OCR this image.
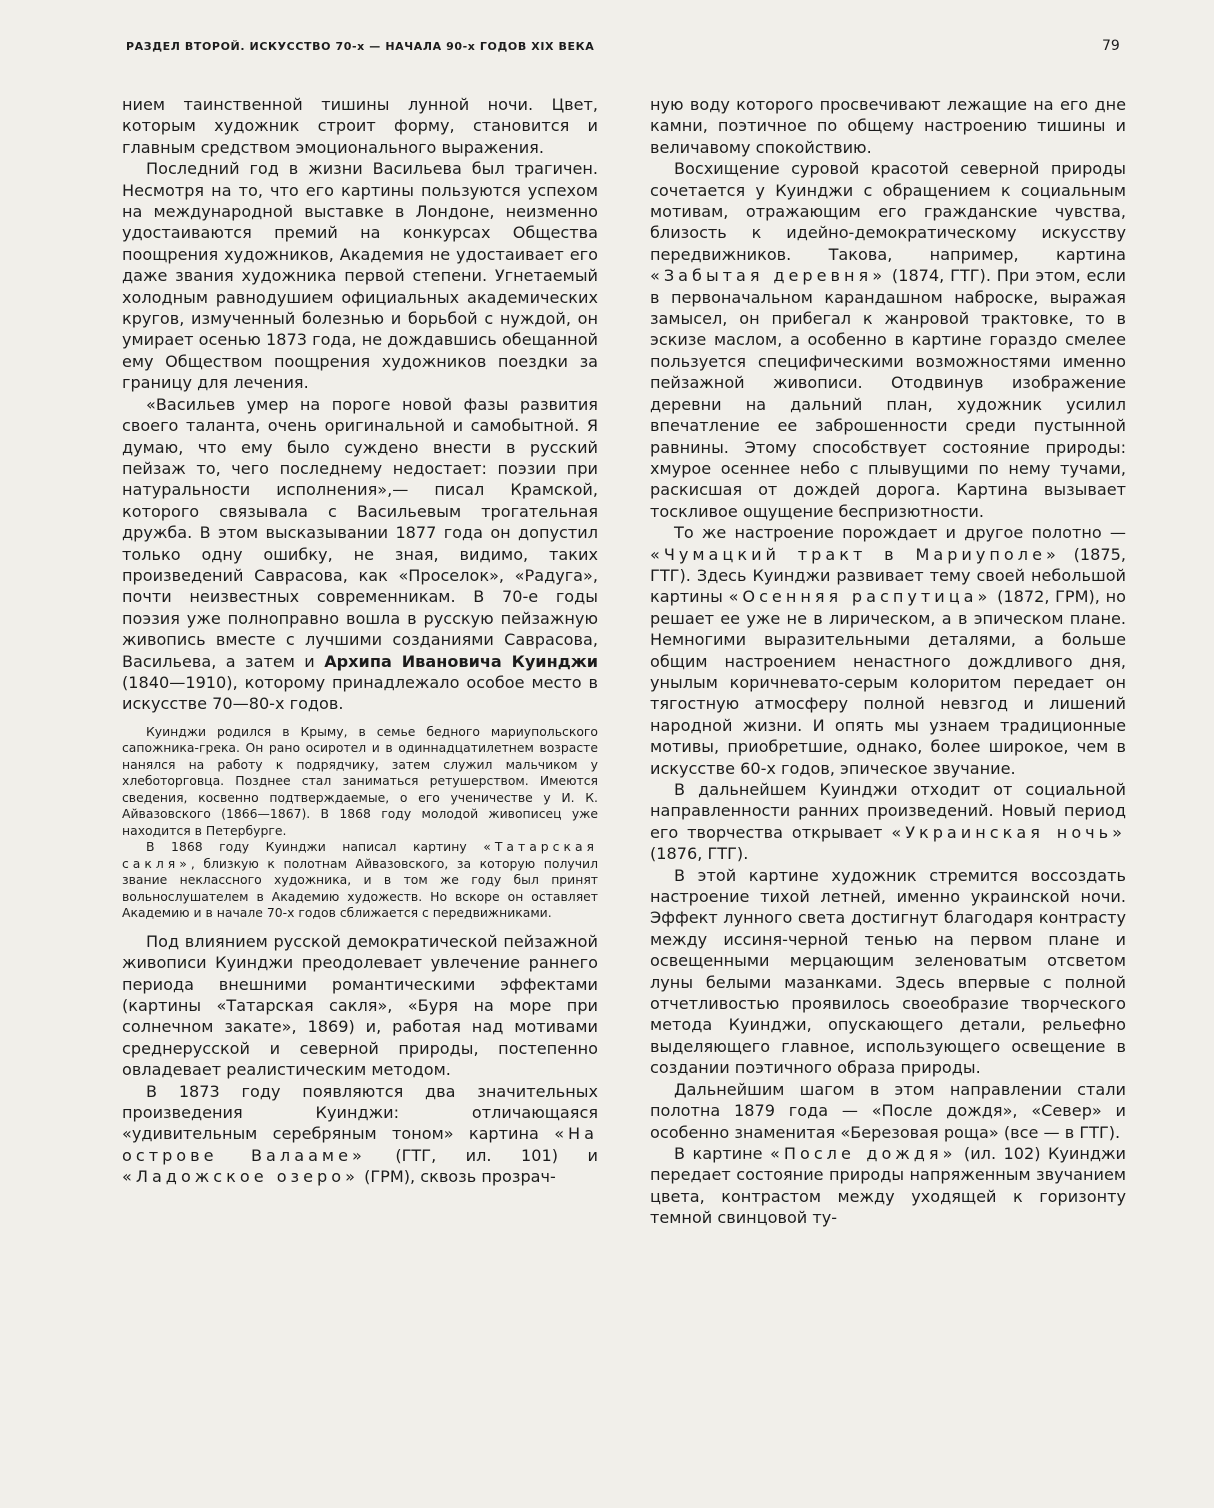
РАЗДЕЛ ВТОРОЙ. ИСКУССТВО 70-х — НАЧАЛА 90-х ГОДОВ XIX ВЕКА	79

нием таинственной тишины лунной ночи. Цвет, которым художник строит форму, становится и главным средством эмоционального выражения.

Последний год в жизни Васильева был трагичен. Несмотря на то, что его картины пользуются успехом на международной выставке в Лондоне, неизменно удостаиваются премий на конкурсах Общества поощрения художников, Академия не удостаивает его даже звания художника первой степени. Угнетаемый холодным равнодушием официальных академических кругов, измученный болезнью и борьбой с нуждой, он умирает осенью 1873 года, не дождавшись обещанной ему Обществом поощрения художников поездки за границу для лечения.

«Васильев умер на пороге новой фазы развития своего таланта, очень оригинальной и самобытной. Я думаю, что ему было суждено внести в русский пейзаж то, чего последнему недостает: поэзии при натуральности исполнения»,— писал Крамской, которого связывала с Васильевым трогательная дружба. В этом высказывании 1877 года он допустил только одну ошибку, не зная, видимо, таких произведений Саврасова, как «Проселок», «Радуга», почти неизвестных современникам. В 70-е годы поэзия уже полноправно вошла в русскую пейзажную живопись вместе с лучшими созданиями Саврасова, Васильева, а затем и Архипа Ивановича Куинджи (1840—1910), которому принадлежало особое место в искусстве 70—80-х годов.

Куинджи родился в Крыму, в семье бедного мариупольского сапожника-грека. Он рано осиротел и в одиннадцатилетнем возрасте нанялся на работу к подрядчику, затем служил мальчиком у хлеботорговца. Позднее стал заниматься ретушерством. Имеются сведения, косвенно подтверждаемые, о его ученичестве у И. К. Айвазовского (1866—1867). В 1868 году молодой живописец уже находится в Петербурге.

В 1868 году Куинджи написал картину «Татарская сакля», близкую к полотнам Айвазовского, за которую получил звание неклассного художника, и в том же году был принят вольнослушателем в Академию художеств. Но вскоре он оставляет Академию и в начале 70-х годов сближается с передвижниками.

Под влиянием русской демократической пейзажной живописи Куинджи преодолевает увлечение раннего периода внешними романтическими эффектами (картины «Татарская сакля», «Буря на море при солнечном закате», 1869) и, работая над мотивами среднерусской и северной природы, постепенно овладевает реалистическим методом.

В 1873 году появляются два значительных произведения Куинджи: отличающаяся «удивительным серебряным тоном» картина «На острове Валааме» (ГТГ, ил. 101) и «Ладожское озеро» (ГРМ), сквозь прозрач-

ную воду которого просвечивают лежащие на его дне камни, поэтичное по общему настроению тишины и величавому спокойствию.

Восхищение суровой красотой северной природы сочетается у Куинджи с обращением к социальным мотивам, отражающим его гражданские чувства, близость к идейно-демократическому искусству передвижников. Такова, например, картина «Забытая деревня» (1874, ГТГ). При этом, если в первоначальном карандашном наброске, выражая замысел, он прибегал к жанровой трактовке, то в эскизе маслом, а особенно в картине гораздо смелее пользуется специфическими возможностями именно пейзажной живописи. Отодвинув изображение деревни на дальний план, художник усилил впечатление ее заброшенности среди пустынной равнины. Этому способствует состояние природы: хмурое осеннее небо с плывущими по нему тучами, раскисшая от дождей дорога. Картина вызывает тоскливое ощущение беспризютности.

То же настроение порождает и другое полотно — «Чумацкий тракт в Мариуполе» (1875, ГТГ). Здесь Куинджи развивает тему своей небольшой картины «Осенняя распутица» (1872, ГРМ), но решает ее уже не в лирическом, а в эпическом плане. Немногими выразительными деталями, а больше общим настроением ненастного дождливого дня, унылым коричневато-серым колоритом передает он тягостную атмосферу полной невзгод и лишений народной жизни. И опять мы узнаем традиционные мотивы, приобретшие, однако, более широкое, чем в искусстве 60-х годов, эпическое звучание.

В дальнейшем Куинджи отходит от социальной направленности ранних произведений. Новый период его творчества открывает «Украинская ночь» (1876, ГТГ).

В этой картине художник стремится воссоздать настроение тихой летней, именно украинской ночи. Эффект лунного света достигнут благодаря контрасту между иссиня-черной тенью на первом плане и освещенными мерцающим зеленоватым отсветом луны белыми мазанками. Здесь впервые с полной отчетливостью проявилось своеобразие творческого метода Куинджи, опускающего детали, рельефно выделяющего главное, использующего освещение в создании поэтичного образа природы.

Дальнейшим шагом в этом направлении стали полотна 1879 года — «После дождя», «Север» и особенно знаменитая «Березовая роща» (все — в ГТГ).

В картине «После дождя» (ил. 102) Куинджи передает состояние природы напряженным звучанием цвета, контрастом между уходящей к горизонту темной свинцовой ту-
